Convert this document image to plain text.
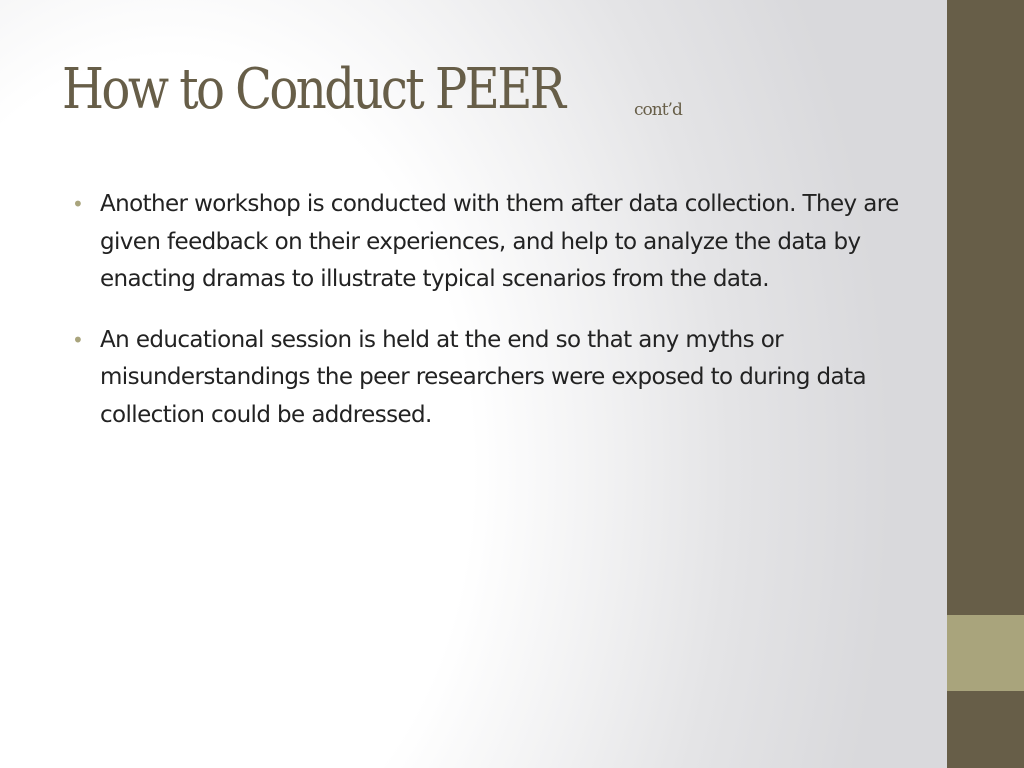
How to Conduct PEER	cont’d
• Another workshop is conducted with them after data collection. They are given feedback on their experiences, and help to analyze the data by enacting dramas to illustrate typical scenarios from the data.
• An educational session is held at the end so that any myths or misunderstandings the peer researchers were exposed to during data collection could be addressed.
